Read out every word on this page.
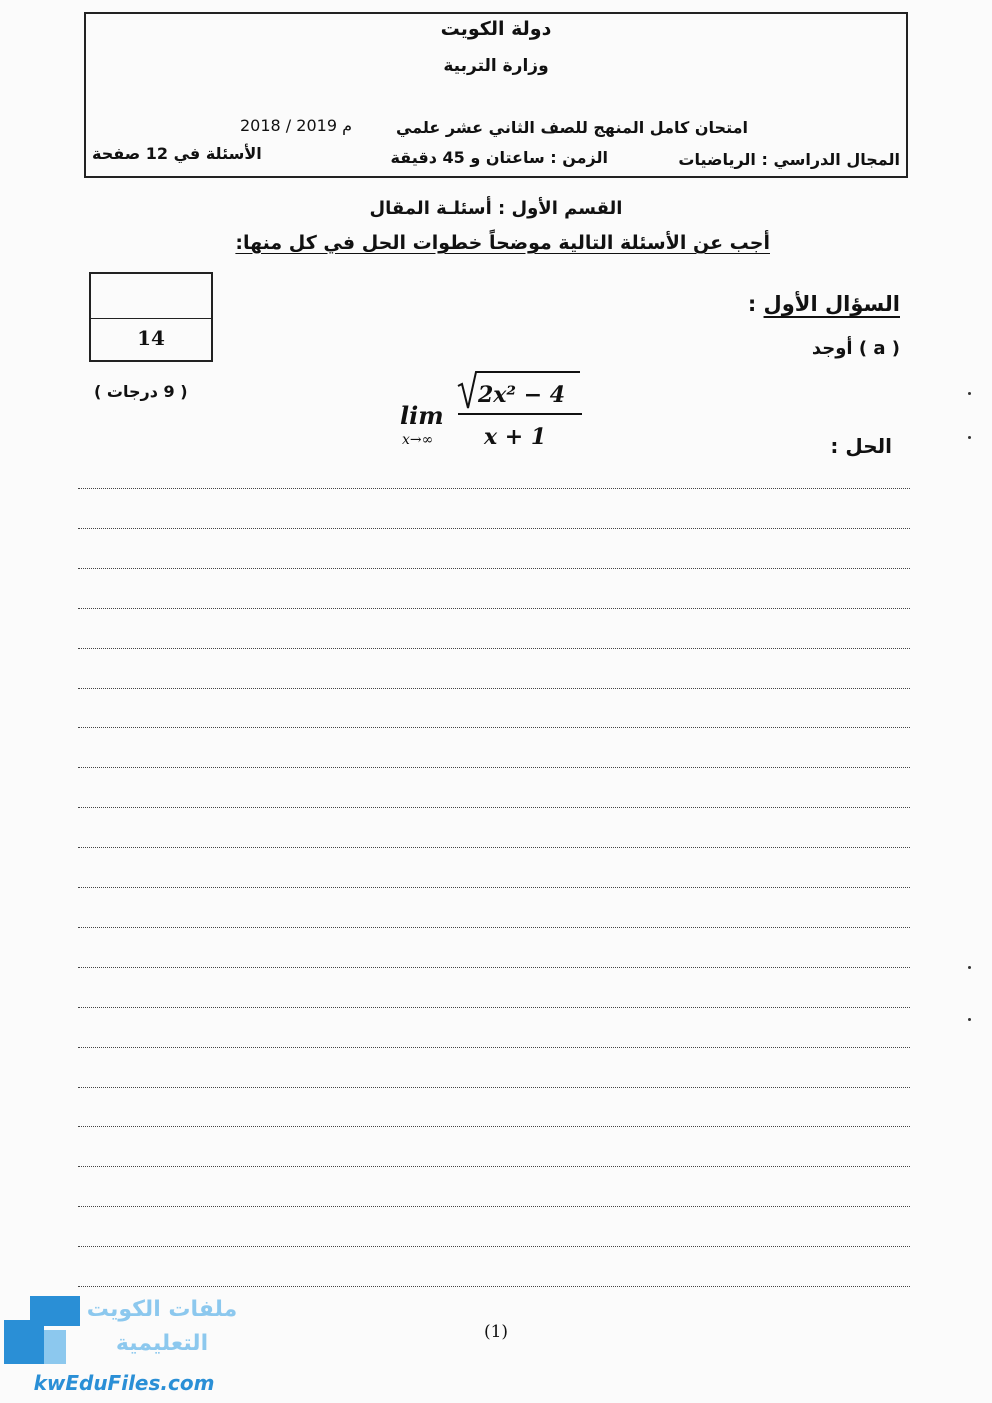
دولة الكويت
وزارة التربية
امتحان كامل المنهج للصف الثاني عشر علمي
2018 / 2019 م
المجال الدراسي : الرياضيات
الزمن : ساعتان و 45 دقيقة
الأسئلة في 12 صفحة
القسم الأول : أسئلـة المقال
أجب عن الأسئلة التالية موضحاً خطوات الحل في كل منها:
14
( 9 درجات )
السؤال الأول :
( a ) أوجد
lim
x→∞
2x² − 4
x + 1	الحل :
(1)
ملفات الكويت
التعليمية
kwEduFiles.com
